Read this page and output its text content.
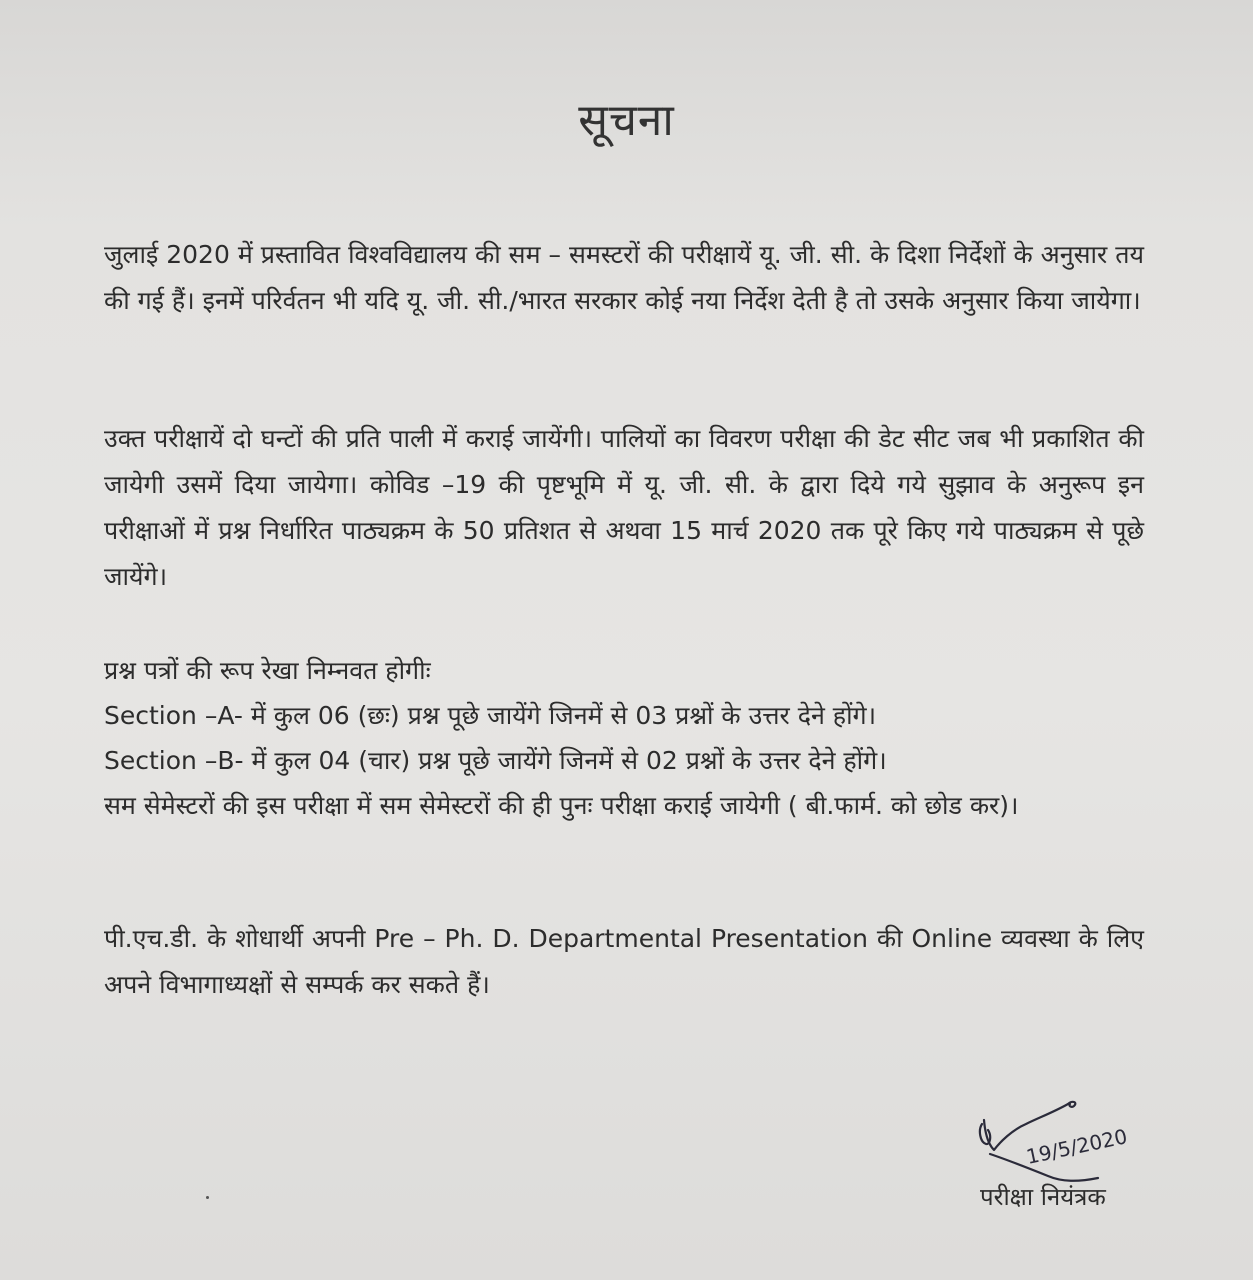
सूचना

जुलाई 2020 में प्रस्तावित विश्वविद्यालय की सम – समस्टरों की परीक्षायें यू. जी. सी. के दिशा निर्देशों के अनुसार तय की गई हैं। इनमें परिर्वतन भी यदि यू. जी. सी./भारत सरकार कोई नया निर्देश देती है तो उसके अनुसार किया जायेगा।

उक्त परीक्षायें दो घन्टों की प्रति पाली में कराई जायेंगी। पालियों का विवरण परीक्षा की डेट सीट जब भी प्रकाशित की जायेगी उसमें दिया जायेगा। कोविड –19 की पृष्टभूमि में यू. जी. सी. के द्वारा दिये गये सुझाव के अनुरूप इन परीक्षाओं में प्रश्न निर्धारित पाठ्यक्रम के 50 प्रतिशत से अथवा 15 मार्च 2020 तक पूरे किए गये पाठ्यक्रम से पूछे जायेंगे।

प्रश्न पत्रों की रूप रेखा निम्नवत होगीः

Section –A- में कुल 06 (छः) प्रश्न पूछे जायेंगे जिनमें से 03 प्रश्नों के उत्तर देने होंगे।

Section –B- में कुल 04 (चार) प्रश्न पूछे जायेंगे जिनमें से 02 प्रश्नों के उत्तर देने होंगे।

सम सेमेस्टरों की इस परीक्षा में सम सेमेस्टरों की ही पुनः परीक्षा कराई जायेगी ( बी.फार्म. को छोड कर)।

पी.एच.डी. के शोधार्थी अपनी Pre – Ph. D. Departmental Presentation की Online व्यवस्था के लिए अपने विभागाध्यक्षों से सम्पर्क कर सकते हैं।

19/5/2020
परीक्षा नियंत्रक
